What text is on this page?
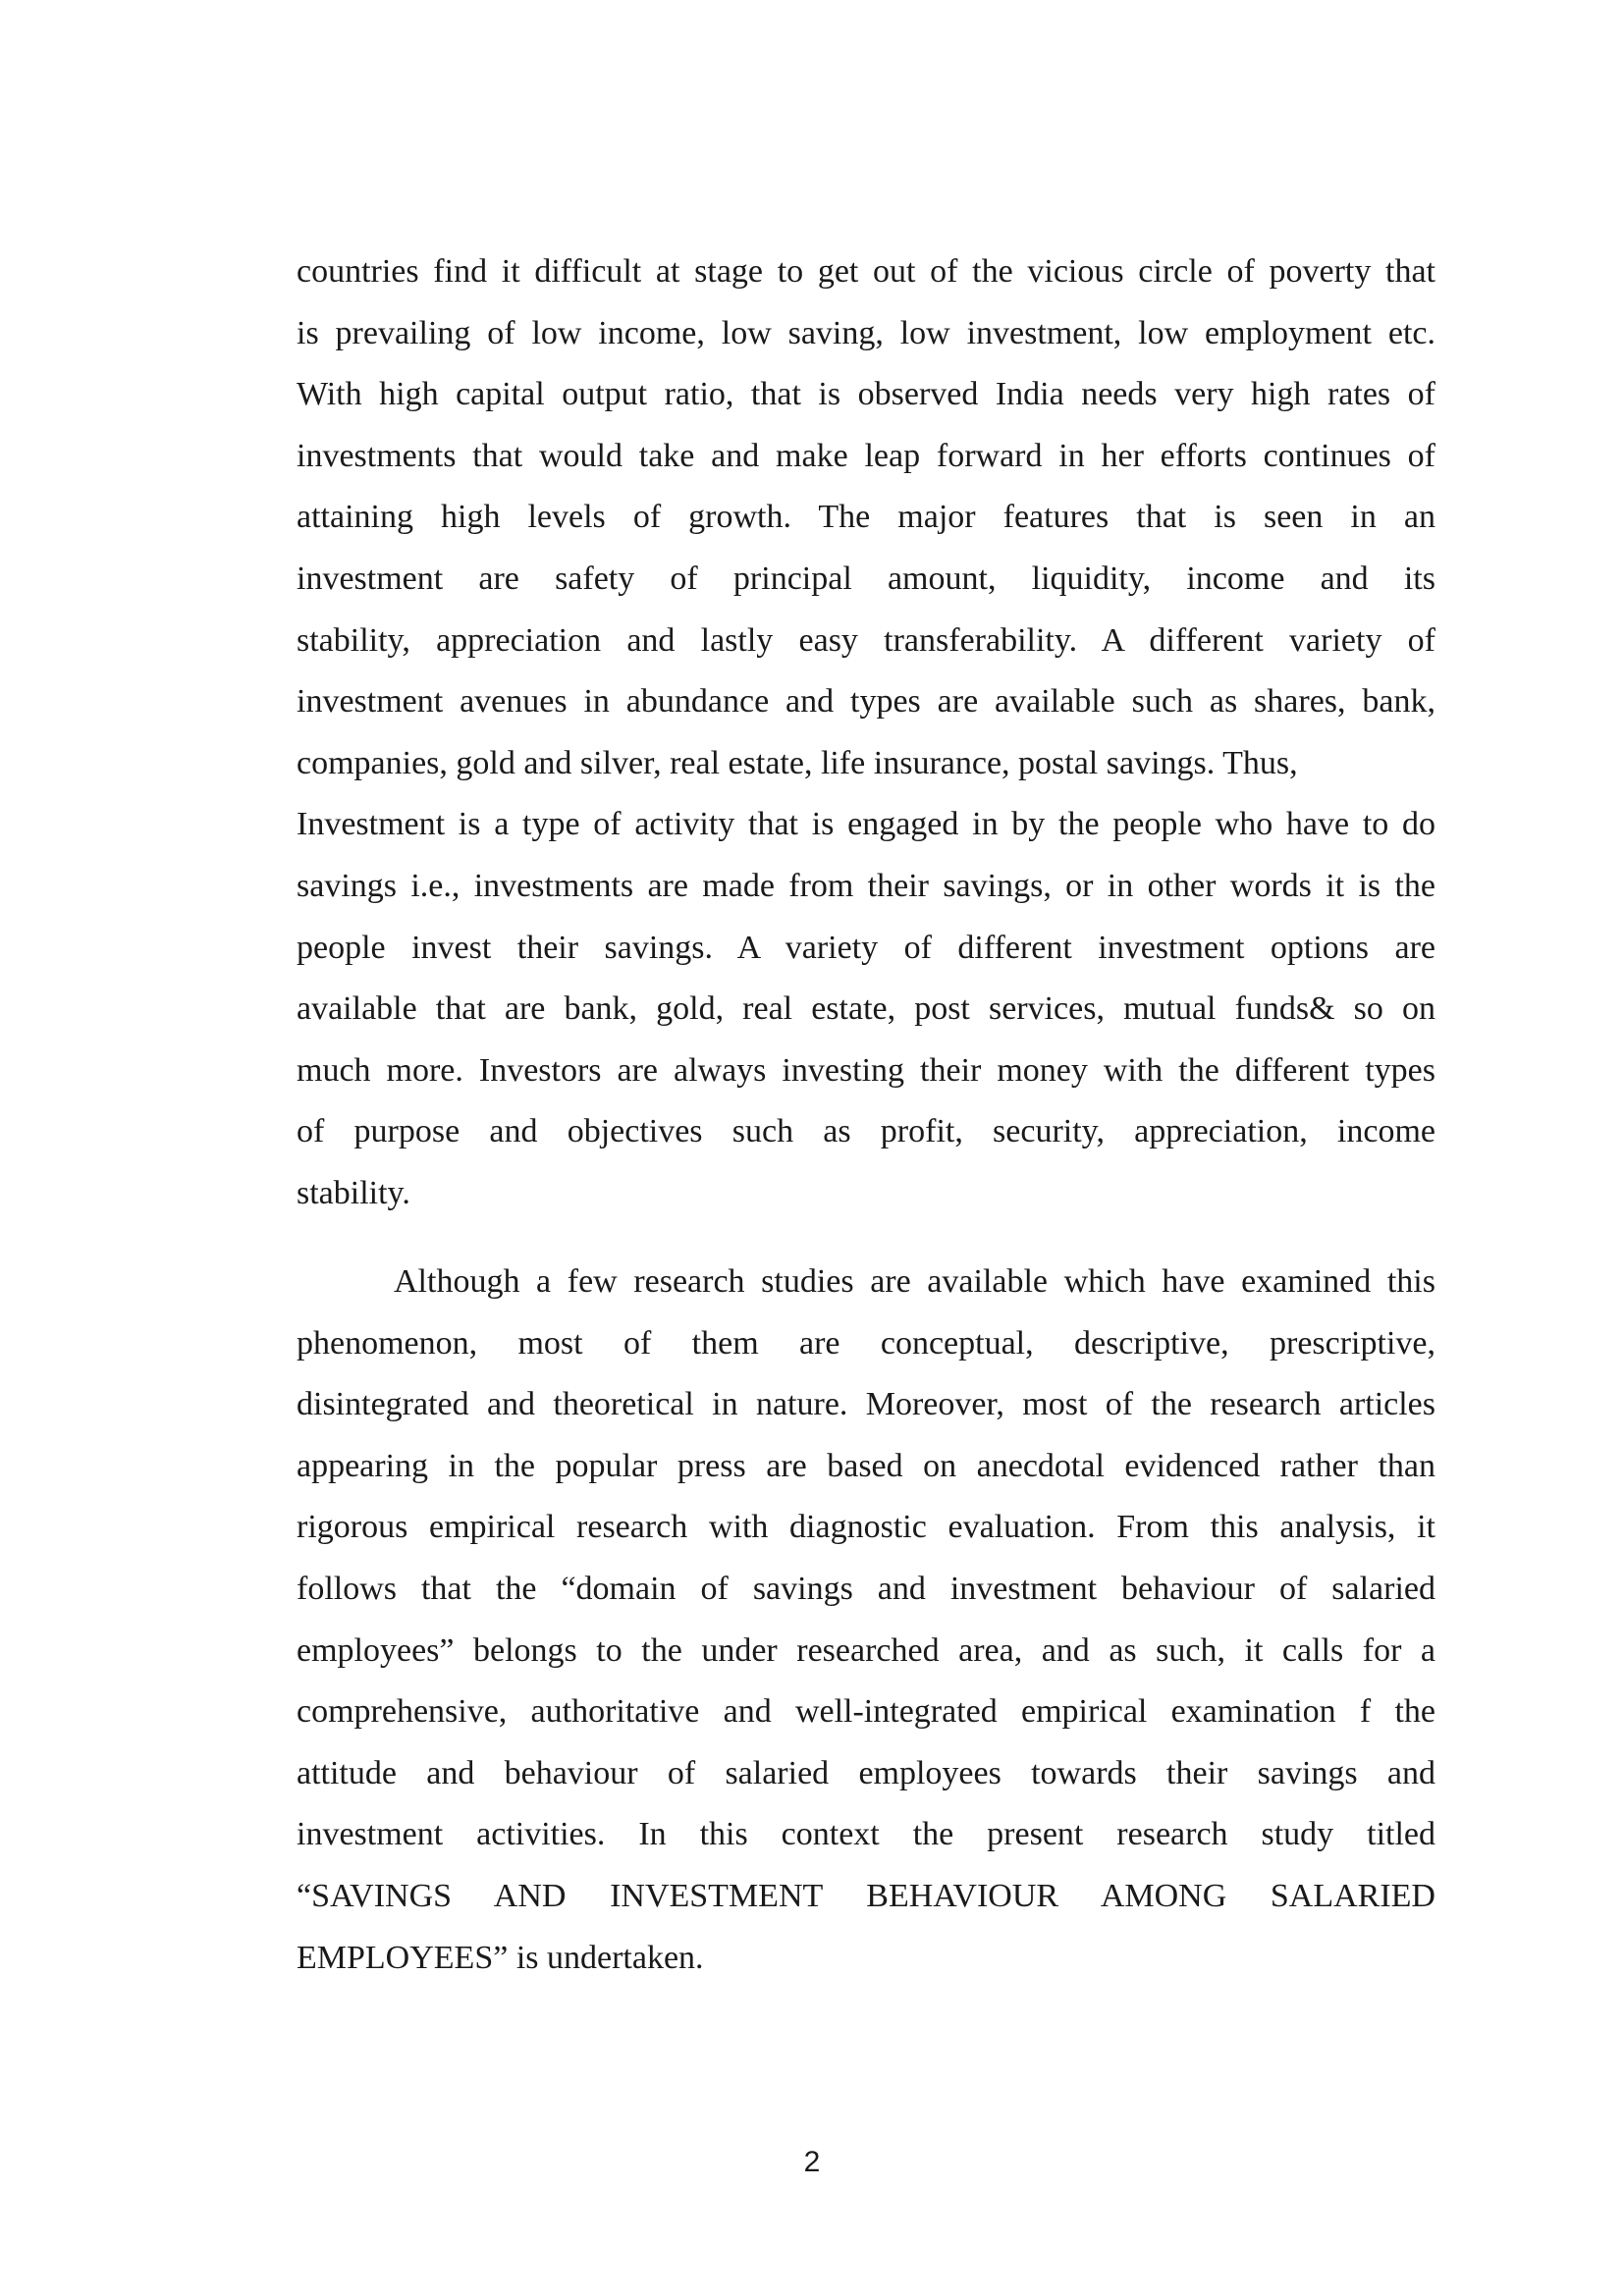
countries find it difficult at stage to get out of the vicious circle of poverty that
is prevailing of low income, low saving, low investment, low employment etc.
With high capital output ratio, that is observed India needs very high rates of
investments that would take and make leap forward in her efforts continues of
attaining high levels of growth. The major features that is seen in an
investment are safety of principal amount, liquidity, income and its
stability, appreciation and lastly easy transferability. A different variety of
investment avenues in abundance and types are available such as shares, bank,
companies, gold and silver, real estate, life insurance, postal savings. Thus,
Investment is a type of activity that is engaged in by the people who have to do
savings i.e., investments are made from their savings, or in other words it is the
people invest their savings. A variety of different investment options are
available that are bank, gold, real estate, post services, mutual funds& so on
much more. Investors are always investing their money with the different types
of purpose and objectives such as profit, security, appreciation, income
stability.
Although a few research studies are available which have examined this
phenomenon, most of them are conceptual, descriptive, prescriptive,
disintegrated and theoretical in nature. Moreover, most of the research articles
appearing in the popular press are based on anecdotal evidenced rather than
rigorous empirical research with diagnostic evaluation. From this analysis, it
follows that the “domain of savings and investment behaviour of salaried
employees” belongs to the under researched area, and as such, it calls for a
comprehensive, authoritative and well-integrated empirical examination f the
attitude and behaviour of salaried employees towards their savings and
investment activities. In this context the present research study titled
“SAVINGS AND INVESTMENT BEHAVIOUR AMONG SALARIED
EMPLOYEES” is undertaken.
2
